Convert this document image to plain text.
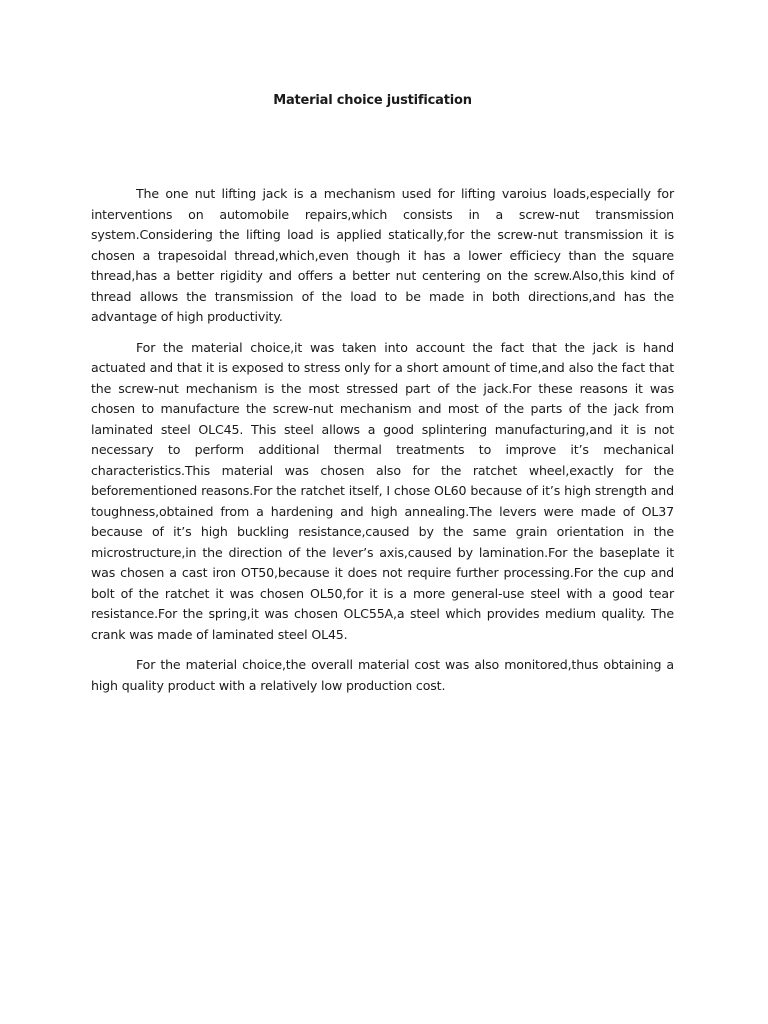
Material choice justification

The one nut lifting jack is a mechanism used for lifting varoius loads,especially for interventions on automobile repairs,which consists in a screw-nut transmission system.Considering the lifting load is applied statically,for the screw-nut transmission it is chosen a trapesoidal thread,which,even though it has a lower efficiecy than the square thread,has a better rigidity and offers a better nut centering on the screw.Also,this kind of thread allows the transmission of the load to be made in both directions,and has the advantage of high productivity.

For the material choice,it was taken into account the fact that the jack is hand actuated and that it is exposed to stress only for a short amount of time,and also the fact that the screw-nut mechanism is the most stressed part of the jack.For these reasons it was chosen to manufacture the screw-nut mechanism and most of the parts of the jack from laminated steel OLC45. This steel allows a good splintering manufacturing,and it is not necessary to perform additional thermal treatments to improve it’s mechanical characteristics.This material was chosen also for the ratchet wheel,exactly for the beforementioned reasons.For the ratchet itself, I chose OL60 because of it’s high strength and toughness,obtained from a hardening and high annealing.The levers were made of OL37 because of it’s high buckling resistance,caused by the same grain orientation in the microstructure,in the direction of the lever’s axis,caused by lamination.For the baseplate it was chosen a cast iron OT50,because it does not require further processing.For the cup and bolt of the ratchet it was chosen OL50,for it is a more general-use steel with a good tear resistance.For the spring,it was chosen OLC55A,a steel which provides medium quality. The crank was made of laminated steel OL45.

For the material choice,the overall material cost was also monitored,thus obtaining a high quality product with a relatively low production cost.
